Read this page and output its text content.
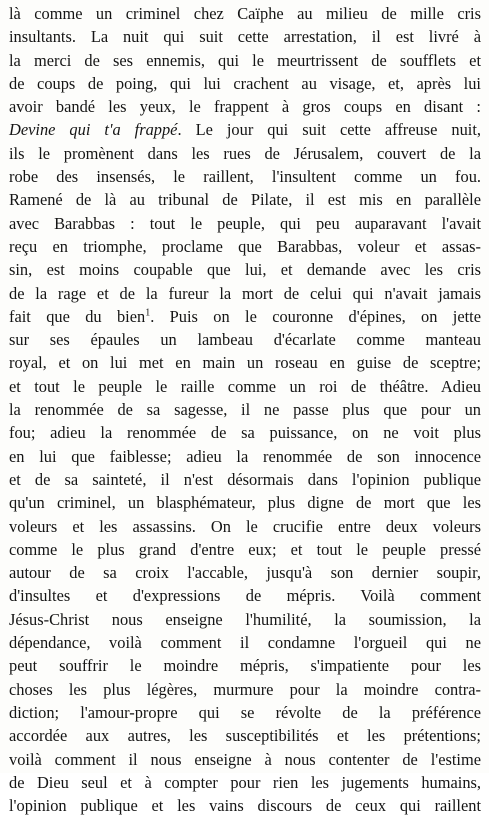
là comme un criminel chez Caïphe au milieu de mille cris
insultants. La nuit qui suit cette arrestation, il est livré à
la merci de ses ennemis, qui le meurtrissent de soufflets et
de coups de poing, qui lui crachent au visage, et, après lui
avoir bandé les yeux, le frappent à gros coups en disant :
Devine qui t'a frappé. Le jour qui suit cette affreuse nuit,
ils le promènent dans les rues de Jérusalem, couvert de la
robe des insensés, le raillent, l'insultent comme un fou.
Ramené de là au tribunal de Pilate, il est mis en parallèle
avec Barabbas : tout le peuple, qui peu auparavant l'avait
reçu en triomphe, proclame que Barabbas, voleur et assas-
sin, est moins coupable que lui, et demande avec les cris
de la rage et de la fureur la mort de celui qui n'avait jamais
fait que du bien$^1$. Puis on le couronne d'épines, on jette
sur ses épaules un lambeau d'écarlate comme manteau
royal, et on lui met en main un roseau en guise de sceptre;
et tout le peuple le raille comme un roi de théâtre. Adieu
la renommée de sa sagesse, il ne passe plus que pour un
fou; adieu la renommée de sa puissance, on ne voit plus
en lui que faiblesse; adieu la renommée de son innocence
et de sa sainteté, il n'est désormais dans l'opinion publique
qu'un criminel, un blasphémateur, plus digne de mort que les
voleurs et les assassins. On le crucifie entre deux voleurs
comme le plus grand d'entre eux; et tout le peuple pressé
autour de sa croix l'accable, jusqu'à son dernier soupir,
d'insultes et d'expressions de mépris. Voilà comment
Jésus-Christ nous enseigne l'humilité, la soumission, la
dépendance, voilà comment il condamne l'orgueil qui ne
peut souffrir le moindre mépris, s'impatiente pour les
choses les plus légères, murmure pour la moindre contra-
diction; l'amour-propre qui se révolte de la préférence
accordée aux autres, les susceptibilités et les prétentions;
voilà comment il nous enseigne à nous contenter de l'estime
de Dieu seul et à compter pour rien les jugements humains,
l'opinion publique et les vains discours de ceux qui raillent
